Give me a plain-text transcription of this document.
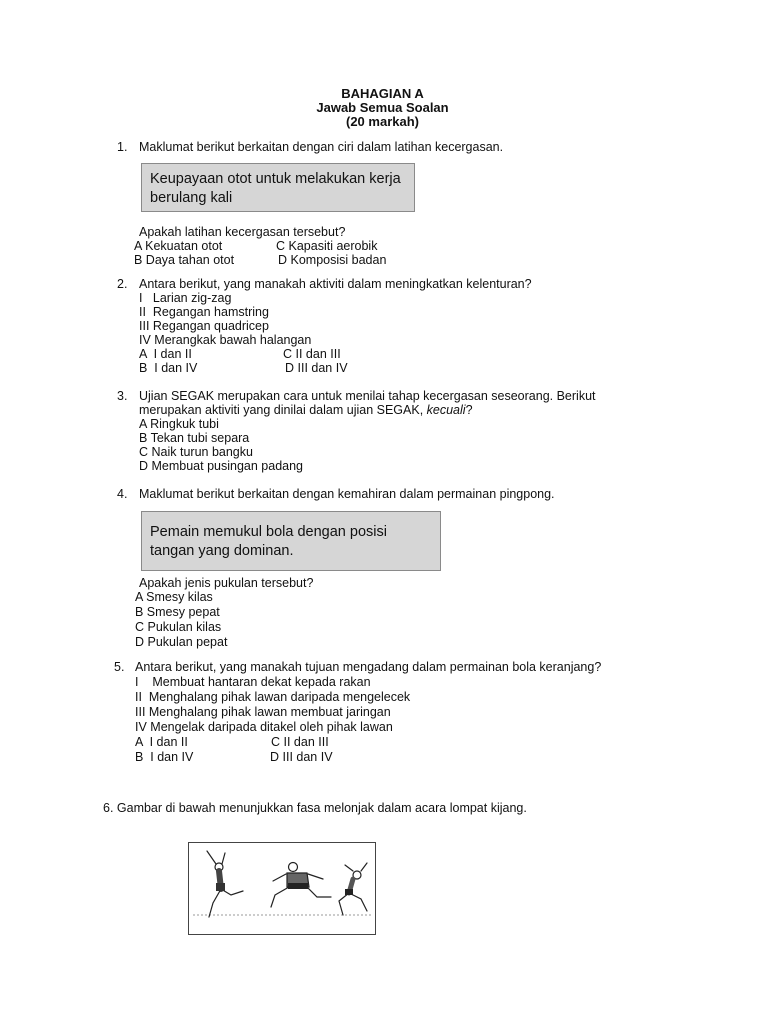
BAHAGIAN A
Jawab Semua Soalan
(20 markah)
1. Maklumat berikut berkaitan dengan ciri dalam latihan kecergasan.
Keupayaan otot untuk melakukan kerja berulang kali
Apakah latihan kecergasan tersebut?
A Kekuatan otot	C Kapasiti aerobik
B Daya tahan otot	D Komposisi badan
2. Antara berikut, yang manakah aktiviti dalam meningkatkan kelenturan?
I   Larian zig-zag
II  Regangan hamstring
III Regangan quadricep
IV Merangkak bawah halangan
A  I dan II	C II dan III
B  I dan IV	D III dan IV
3. Ujian SEGAK merupakan cara untuk menilai tahap kecergasan seseorang. Berikut
merupakan aktiviti yang dinilai dalam ujian SEGAK, kecuali?
A Ringkuk tubi
B Tekan tubi separa
C Naik turun bangku
D Membuat pusingan padang
4. Maklumat berikut berkaitan dengan kemahiran dalam permainan pingpong.
Pemain memukul bola dengan posisi tangan yang dominan.
Apakah jenis pukulan tersebut?
A Smesy kilas
B Smesy pepat
C Pukulan kilas
D Pukulan pepat
5. Antara berikut, yang manakah tujuan mengadang dalam permainan bola keranjang?
I    Membuat hantaran dekat kepada rakan
II  Menghalang pihak lawan daripada mengelecek
III Menghalang pihak lawan membuat jaringan
IV Mengelak daripada ditakel oleh pihak lawan
A  I dan II	C II dan III
B  I dan IV	D III dan IV
6. Gambar di bawah menunjukkan fasa melonjak dalam acara lompat kijang.
